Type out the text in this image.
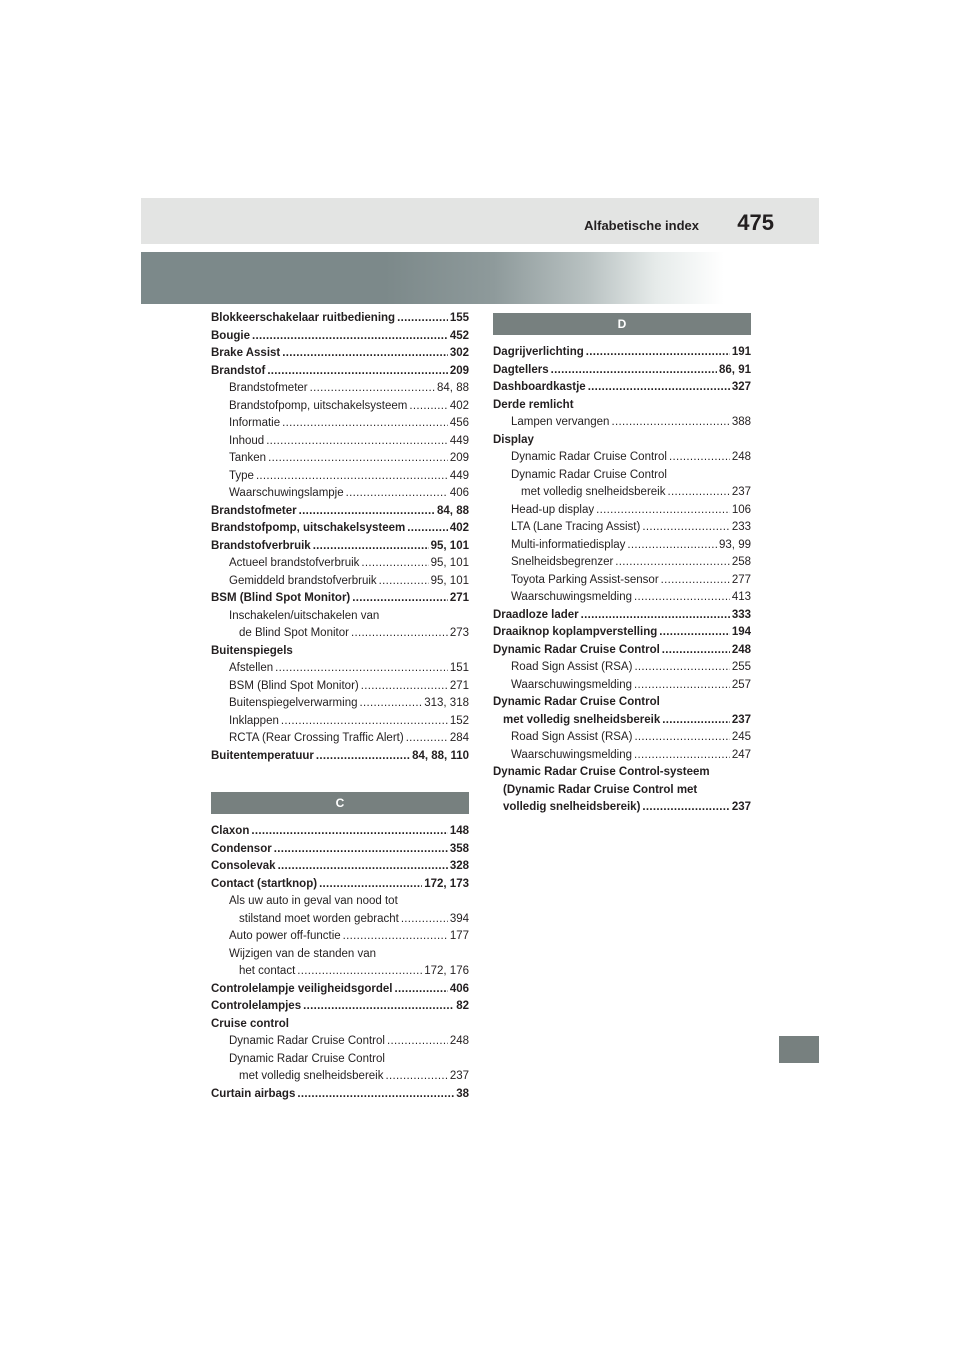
Alfabetische index 475
Blokkeerschakelaar ruitbediening .....	155
Bougie .....	452
Brake Assist .....	302
Brandstof .....	209
Brandstofmeter .....	84, 88
Brandstofpomp, uitschakelsysteem .....	402
Informatie .....	456
Inhoud .....	449
Tanken .....	209
Type .....	449
Waarschuwingslampje .....	406
Brandstofmeter .....	84, 88
Brandstofpomp, uitschakelsysteem .....	402
Brandstofverbruik .....	95, 101
Actueel brandstofverbruik .....	95, 101
Gemiddeld brandstofverbruik .....	95, 101
BSM (Blind Spot Monitor) .....	271
Inschakelen/uitschakelen van
de Blind Spot Monitor .....	273
Buitenspiegels
Afstellen .....	151
BSM (Blind Spot Monitor) .....	271
Buitenspiegelverwarming .....	313, 318
Inklappen .....	152
RCTA (Rear Crossing Traffic Alert) .....	284
Buitentemperatuur .....	84, 88, 110
C
Claxon .....	148
Condensor .....	358
Consolevak .....	328
Contact (startknop) .....	172, 173
Als uw auto in geval van nood tot
stilstand moet worden gebracht .....	394
Auto power off-functie .....	177
Wijzigen van de standen van
het contact .....	172, 176
Controlelampje veiligheidsgordel .....	406
Controlelampjes .....	82
Cruise control
Dynamic Radar Cruise Control .....	248
Dynamic Radar Cruise Control
met volledig snelheidsbereik .....	237
Curtain airbags .....	38
D
Dagrijverlichting .....	191
Dagtellers .....	86, 91
Dashboardkastje .....	327
Derde remlicht
Lampen vervangen .....	388
Display
Dynamic Radar Cruise Control .....	248
Dynamic Radar Cruise Control
met volledig snelheidsbereik .....	237
Head-up display .....	106
LTA (Lane Tracing Assist) .....	233
Multi-informatiedisplay .....	93, 99
Snelheidsbegrenzer .....	258
Toyota Parking Assist-sensor .....	277
Waarschuwingsmelding .....	413
Draadloze lader .....	333
Draaiknop koplampverstelling .....	194
Dynamic Radar Cruise Control .....	248
Road Sign Assist (RSA) .....	255
Waarschuwingsmelding .....	257
Dynamic Radar Cruise Control
met volledig snelheidsbereik .....	237
Road Sign Assist (RSA) .....	245
Waarschuwingsmelding .....	247
Dynamic Radar Cruise Control-systeem
(Dynamic Radar Cruise Control met
volledig snelheidsbereik) .....	237
